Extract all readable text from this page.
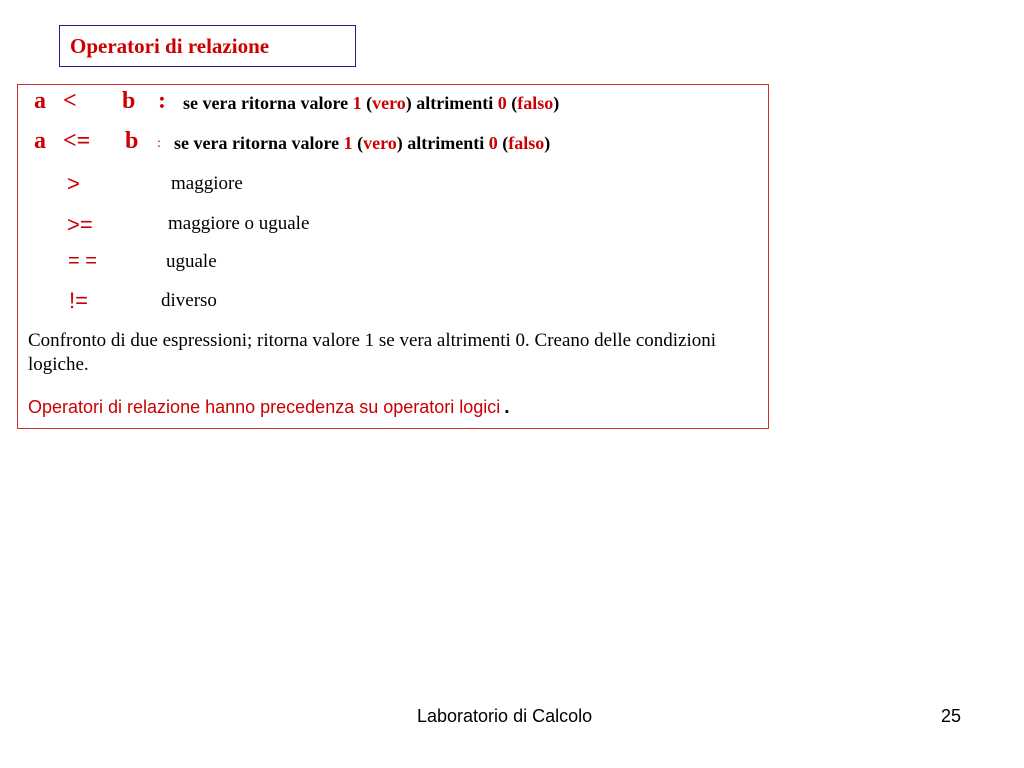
Operatori di relazione
a < b : se vera ritorna valore 1 (vero) altrimenti 0 (falso)
a <= b : se vera ritorna valore 1 (vero) altrimenti 0 (falso)
>	maggiore
>=	maggiore o uguale
= =	uguale
!=	diverso
Confronto di due espressioni; ritorna valore 1 se vera altrimenti 0. Creano delle condizioni logiche.
Operatori di relazione hanno precedenza su operatori logici .
Laboratorio di Calcolo	25
